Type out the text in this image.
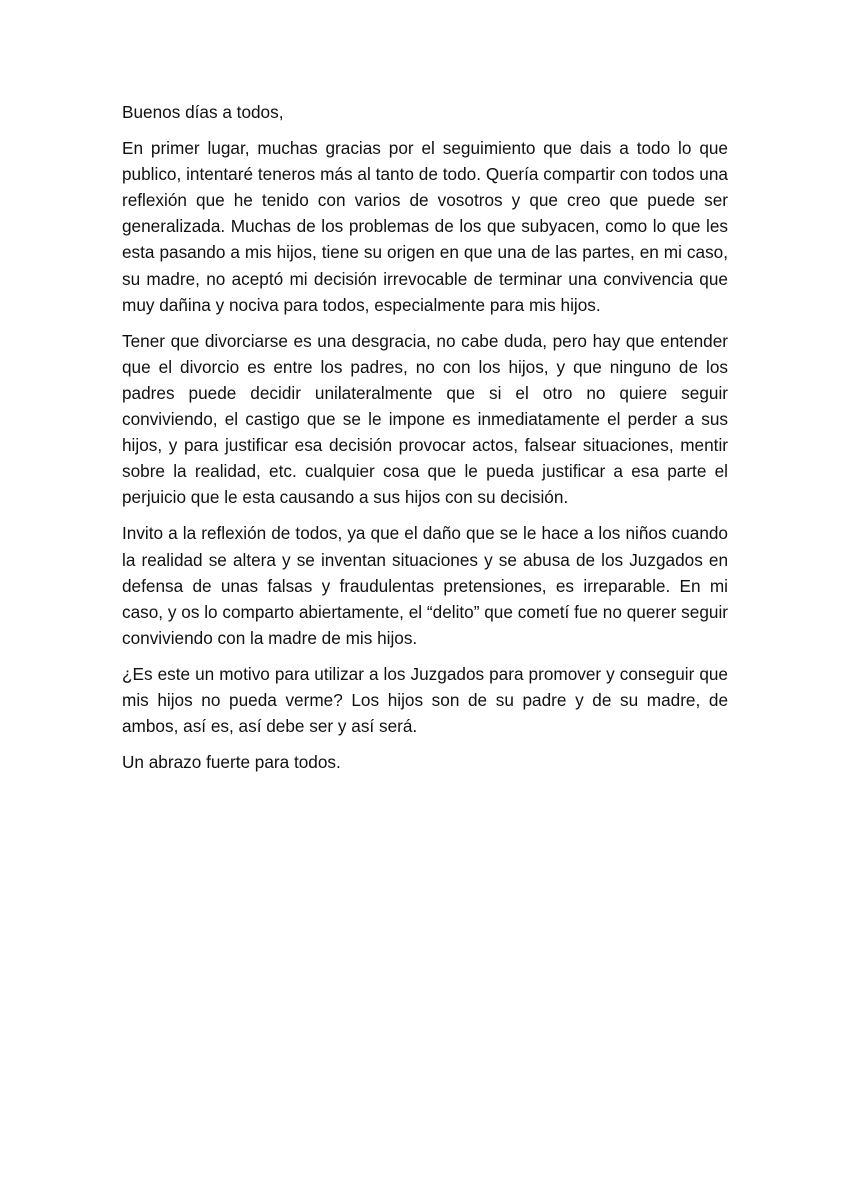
Buenos días a todos,

En primer lugar, muchas gracias por el seguimiento que dais a todo lo que publico, intentaré teneros más al tanto de todo. Quería compartir con todos una reflexión que he tenido con varios de vosotros y que creo que puede ser generalizada. Muchas de los problemas de los que subyacen, como lo que les esta pasando a mis hijos, tiene su origen en que una de las partes, en mi caso, su madre, no aceptó mi decisión irrevocable de terminar una convivencia que muy dañina y nociva para todos, especialmente para mis hijos.

Tener que divorciarse es una desgracia, no cabe duda, pero hay que entender que el divorcio es entre los padres, no con los hijos, y que ninguno de los padres puede decidir unilateralmente que si el otro no quiere seguir conviviendo, el castigo que se le impone es inmediatamente el perder a sus hijos, y para justificar esa decisión provocar actos, falsear situaciones, mentir sobre la realidad, etc. cualquier cosa que le pueda justificar a esa parte el perjuicio que le esta causando a sus hijos con su decisión.

Invito a la reflexión de todos, ya que el daño que se le hace a los niños cuando la realidad se altera y se inventan situaciones y se abusa de los Juzgados en defensa de unas falsas y fraudulentas pretensiones, es irreparable. En mi caso, y os lo comparto abiertamente, el “delito” que cometí fue no querer seguir conviviendo con la madre de mis hijos.

¿Es este un motivo para utilizar a los Juzgados para promover y conseguir que mis hijos no pueda verme? Los hijos son de su padre y de su madre, de ambos, así es, así debe ser y así será.

Un abrazo fuerte para todos.
